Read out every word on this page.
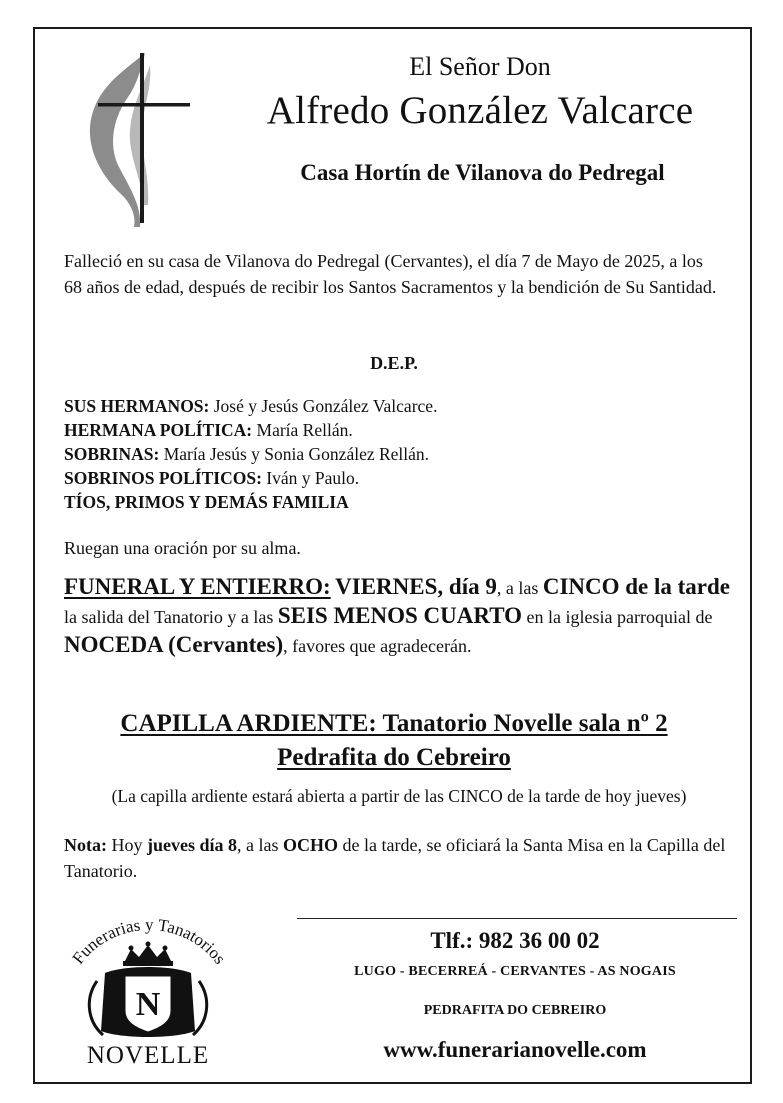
El Señor Don
Alfredo González Valcarce
Casa Hortín de Vilanova do Pedregal
Falleció en su casa de Vilanova do Pedregal (Cervantes), el día 7 de Mayo de 2025, a los 68 años de edad, después de recibir los Santos Sacramentos y la bendición de Su Santidad.
D.E.P.
SUS HERMANOS: José y Jesús González Valcarce.
HERMANA POLÍTICA: María Rellán.
SOBRINAS: María Jesús y Sonia González Rellán.
SOBRINOS POLÍTICOS: Iván y Paulo.
TÍOS, PRIMOS Y DEMÁS FAMILIA
Ruegan una oración por su alma.
FUNERAL Y ENTIERRO: VIERNES, día 9, a las CINCO de la tarde la salida del Tanatorio y a las SEIS MENOS CUARTO en la iglesia parroquial de NOCEDA (Cervantes), favores que agradecerán.
CAPILLA ARDIENTE: Tanatorio Novelle sala nº 2
Pedrafita do Cebreiro
(La capilla ardiente estará abierta a partir de las CINCO de la tarde de hoy jueves)
Nota: Hoy jueves día 8, a las OCHO de la tarde, se oficiará la Santa Misa en la Capilla del Tanatorio.
Funerarias y Tanatorios
N
NOVELLE
Tlf.: 982 36 00 02
LUGO - BECERREÁ - CERVANTES - AS NOGAIS
PEDRAFITA DO CEBREIRO
www.funerarianovelle.com
